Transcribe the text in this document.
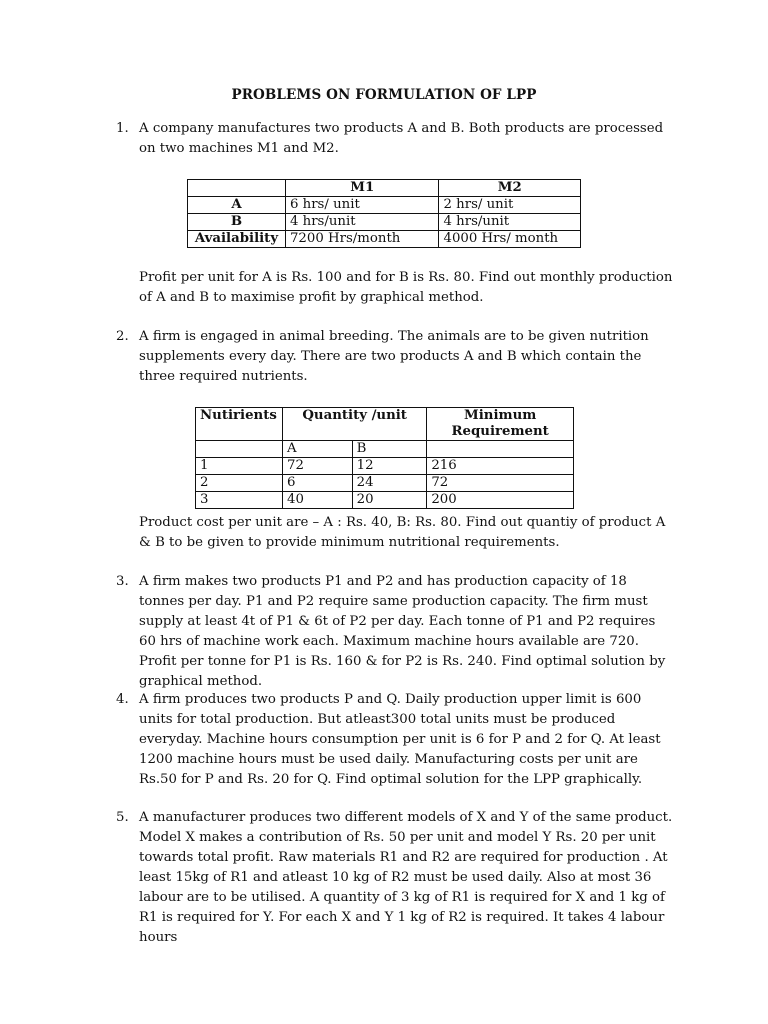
PROBLEMS ON FORMULATION OF LPP
1. A company manufactures two products A and B. Both products are processed on two machines M1 and M2.

	M1	M2
A	6 hrs/ unit	2 hrs/ unit
B	4 hrs/unit	4 hrs/unit
Availability	7200 Hrs/month	4000 Hrs/ month
Profit per unit for A is Rs. 100 and for B is Rs. 80. Find out monthly production of A and B to maximise profit by graphical method.
2. A firm is engaged in animal breeding. The animals are to be given nutrition supplements every day. There are two products A and B which contain the three required nutrients.

Nutirients	Quantity /unit		Minimum Requirement
	A	B	
1	72	12	216
2	6	24	72
3	40	20	200
Product cost per unit are – A : Rs. 40, B: Rs. 80. Find out quantiy of product A & B to be given to provide minimum nutritional requirements.
3. A firm makes two products P1 and P2 and has production capacity of 18 tonnes per day. P1 and P2 require same production capacity. The firm must supply at least 4t of P1 & 6t of P2 per day. Each tonne of P1 and P2 requires 60 hrs of machine work each. Maximum machine hours available are 720. Profit per tonne for P1 is Rs. 160 & for P2 is Rs. 240. Find optimal solution by graphical method.

4. A firm produces two products P and Q. Daily production upper limit is 600 units for total production. But atleast300 total units must be produced everyday. Machine hours consumption per unit is 6 for P and 2 for Q. At least 1200 machine hours must be used daily. Manufacturing costs per unit are Rs.50 for P and Rs. 20 for Q. Find optimal solution for the LPP graphically.

5. A manufacturer produces two different models of X and Y of the same product. Model X makes a contribution of Rs. 50 per unit and model Y Rs. 20 per unit towards total profit. Raw materials R1 and R2 are required for production . At least 15kg of R1 and atleast 10 kg of R2 must be used daily. Also at most 36 labour are to be utilised. A quantity of 3 kg of R1 is required for X and 1 kg of R1 is required for Y. For each X and Y 1 kg of R2 is required. It takes 4 labour hours
